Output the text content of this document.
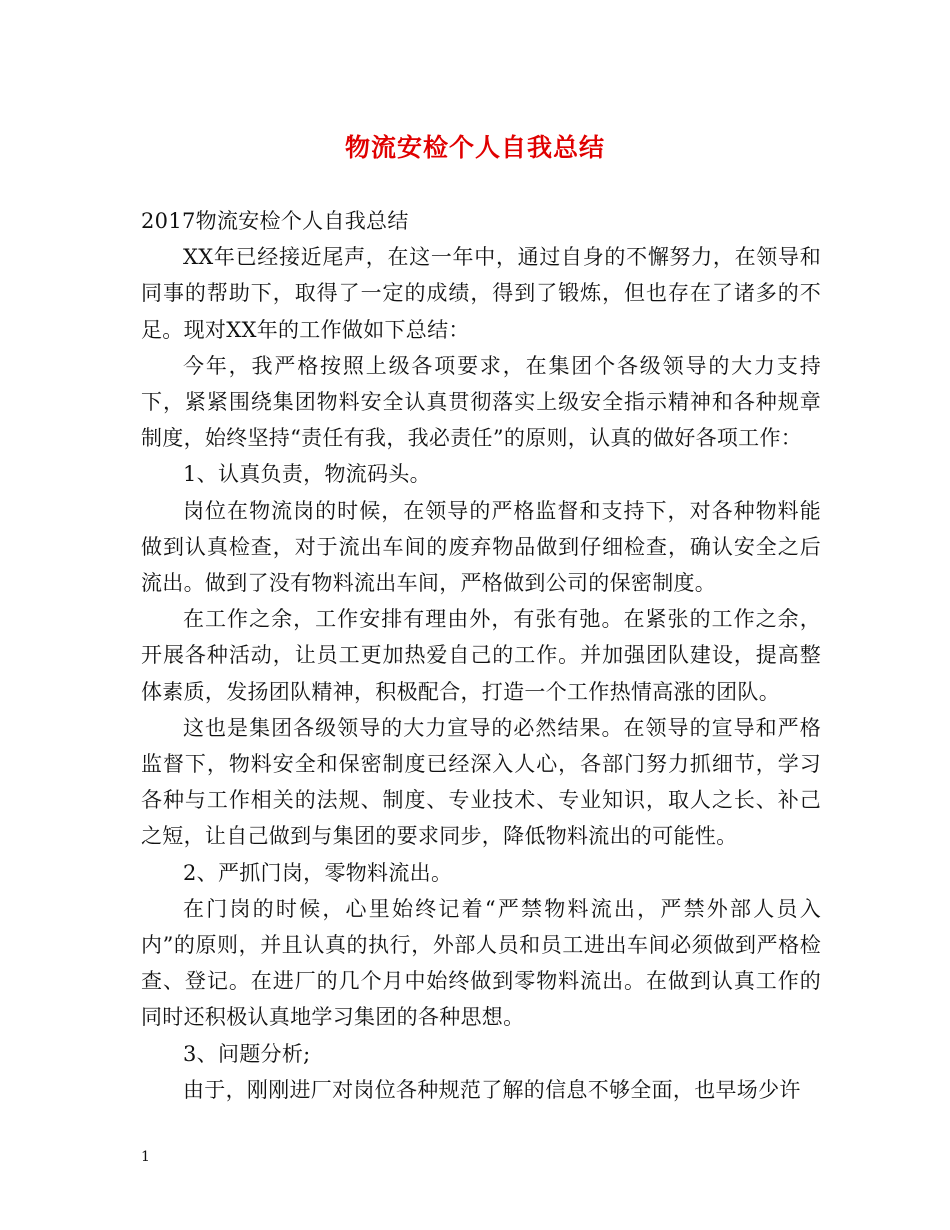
物流安检个人自我总结

2017物流安检个人自我总结

XX年已经接近尾声，在这一年中，通过自身的不懈努力，在领导和同事的帮助下，取得了一定的成绩，得到了锻炼，但也存在了诸多的不足。现对XX年的工作做如下总结：

今年，我严格按照上级各项要求，在集团个各级领导的大力支持下，紧紧围绕集团物料安全认真贯彻落实上级安全指示精神和各种规章制度，始终坚持“责任有我，我必责任”的原则，认真的做好各项工作：

1、认真负责，物流码头。

岗位在物流岗的时候，在领导的严格监督和支持下，对各种物料能做到认真检查，对于流出车间的废弃物品做到仔细检查，确认安全之后流出。做到了没有物料流出车间，严格做到公司的保密制度。

在工作之余，工作安排有理由外，有张有弛。在紧张的工作之余，开展各种活动，让员工更加热爱自己的工作。并加强团队建设，提高整体素质，发扬团队精神，积极配合，打造一个工作热情高涨的团队。

这也是集团各级领导的大力宣导的必然结果。在领导的宣导和严格监督下，物料安全和保密制度已经深入人心，各部门努力抓细节，学习各种与工作相关的法规、制度、专业技术、专业知识，取人之长、补己之短，让自己做到与集团的要求同步，降低物料流出的可能性。

2、严抓门岗，零物料流出。

在门岗的时候，心里始终记着“严禁物料流出，严禁外部人员入内”的原则，并且认真的执行，外部人员和员工进出车间必须做到严格检查、登记。在进厂的几个月中始终做到零物料流出。在做到认真工作的同时还积极认真地学习集团的各种思想。

3、问题分析;

由于，刚刚进厂对岗位各种规范了解的信息不够全面，也早场少许

1
